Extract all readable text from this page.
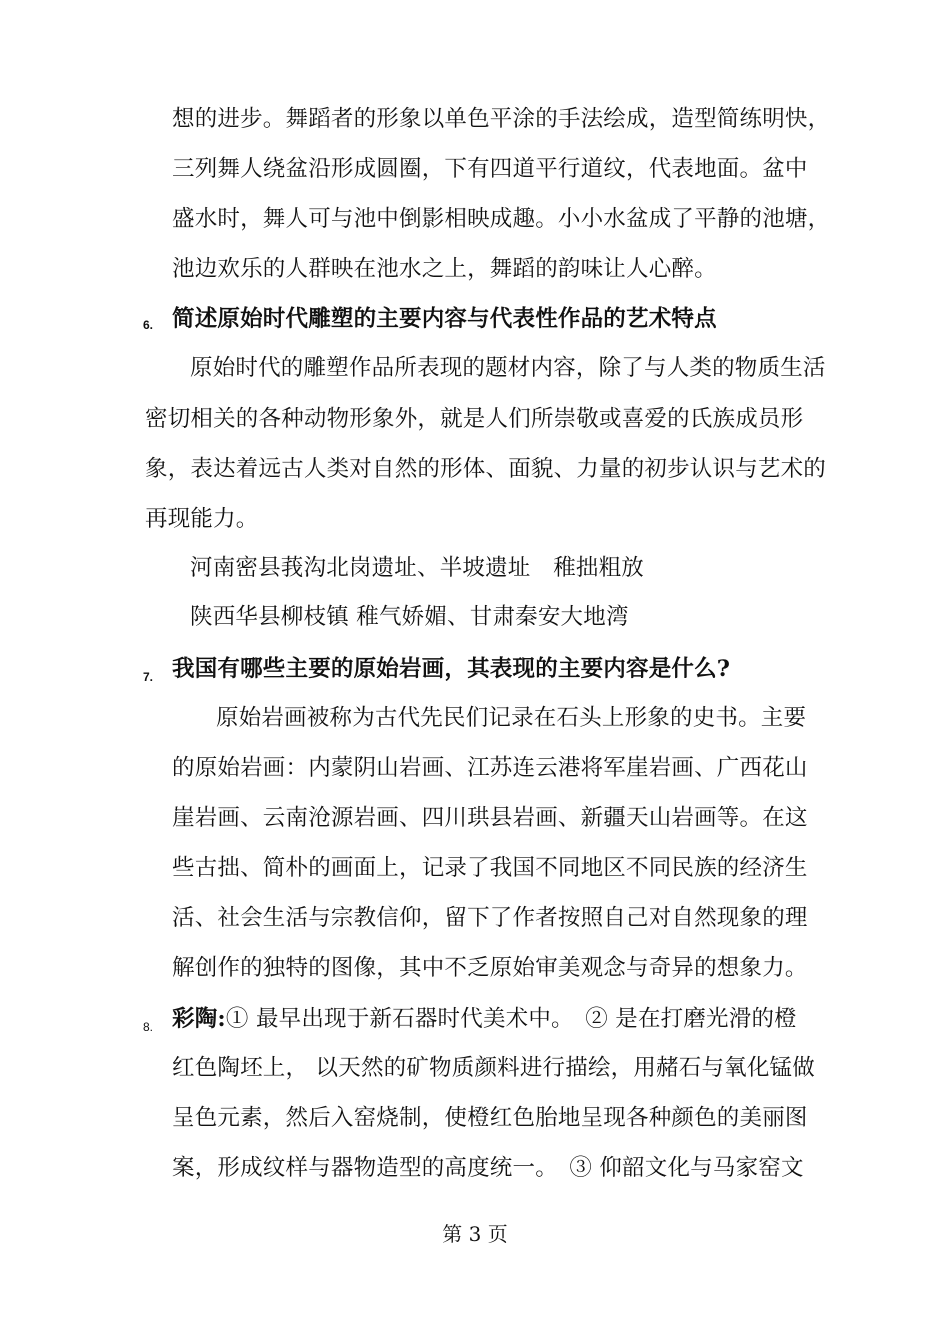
想的进步。舞蹈者的形象以单色平涂的手法绘成，造型简练明快，
三列舞人绕盆沿形成圆圈，下有四道平行道纹，代表地面。盆中
盛水时，舞人可与池中倒影相映成趣。小小水盆成了平静的池塘，
池边欢乐的人群映在池水之上，舞蹈的韵味让人心醉。
6. 简述原始时代雕塑的主要内容与代表性作品的艺术特点
原始时代的雕塑作品所表现的题材内容，除了与人类的物质生活
密切相关的各种动物形象外，就是人们所崇敬或喜爱的氏族成员形
象，表达着远古人类对自然的形体、面貌、力量的初步认识与艺术的
再现能力。
河南密县莪沟北岗遗址、半坡遗址　稚拙粗放
陕西华县柳枝镇 稚气娇媚、甘肃秦安大地湾
7. 我国有哪些主要的原始岩画，其表现的主要内容是什么?
原始岩画被称为古代先民们记录在石头上形象的史书。主要
的原始岩画：内蒙阴山岩画、江苏连云港将军崖岩画、广西花山
崖岩画、云南沧源岩画、四川珙县岩画、新疆天山岩画等。在这
些古拙、简朴的画面上，记录了我国不同地区不同民族的经济生
活、社会生活与宗教信仰，留下了作者按照自己对自然现象的理
解创作的独特的图像，其中不乏原始审美观念与奇异的想象力。
8. 彩陶:① 最早出现于新石器时代美术中。　② 是在打磨光滑的橙
红色陶坯上， 以天然的矿物质颜料进行描绘，用赭石与氧化锰做
呈色元素，然后入窑烧制，使橙红色胎地呈现各种颜色的美丽图
案，形成纹样与器物造型的高度统一。　③ 仰韶文化与马家窑文
第 3 页
